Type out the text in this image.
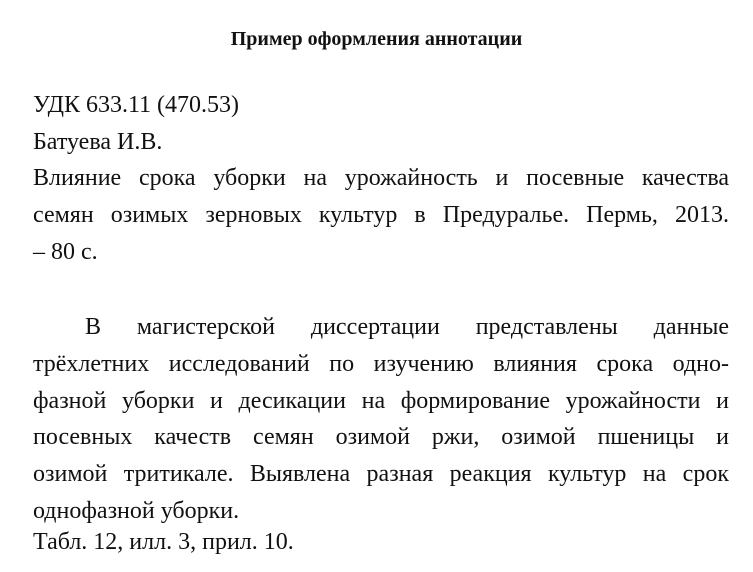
Пример оформления аннотации
УДК 633.11 (470.53)
Батуева И.В.
Влияние срока уборки на урожайность и посевные качества
семян озимых зерновых культур в Предуралье. Пермь, 2013.
– 80 с.
В магистерской диссертации представлены данные
трёхлетних исследований по изучению влияния срока одно-
фазной уборки и десикации на формирование урожайности и
посевных качеств семян озимой ржи, озимой пшеницы и
озимой тритикале. Выявлена разная реакция культур на срок
однофазной уборки.
Табл. 12, илл. 3, прил. 10.
